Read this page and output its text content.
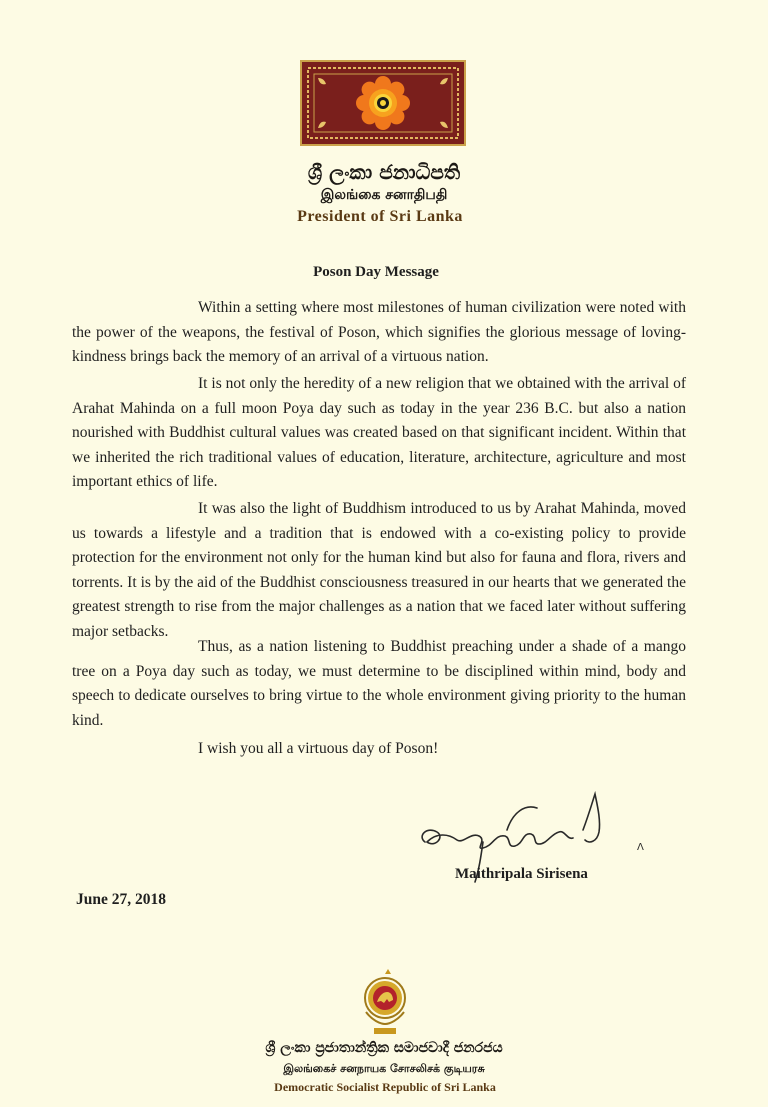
ශ්‍රී ලංකා ජනාධිපති
இலங்கை சனாதிபதி
President of Sri Lanka
Poson Day Message

Within a setting where most milestones of human civilization were noted with the power of the weapons, the festival of Poson, which signifies the glorious message of loving-kindness brings back the memory of an arrival of a virtuous nation.

It is not only the heredity of a new religion that we obtained with the arrival of Arahat Mahinda on a full moon Poya day such as today in the year 236 B.C. but also a nation nourished with Buddhist cultural values was created based on that significant incident. Within that we inherited the rich traditional values of education, literature, architecture, agriculture and most important ethics of life.

It was also the light of Buddhism introduced to us by Arahat Mahinda, moved us towards a lifestyle and a tradition that is endowed with a co-existing policy to provide protection for the environment not only for the human kind but also for fauna and flora, rivers and torrents. It is by the aid of the Buddhist consciousness treasured in our hearts that we generated the greatest strength to rise from the major challenges as a nation that we faced later without suffering major setbacks.

Thus, as a nation listening to Buddhist preaching under a shade of a mango tree on a Poya day such as today, we must determine to be disciplined within mind, body and speech to dedicate ourselves to bring virtue to the whole environment giving priority to the human kind.

I wish you all a virtuous day of Poson!
Λ
Maithripala Sirisena
June 27, 2018
ශ්‍රී ලංකා ප්‍රජාතාන්ත්‍රික සමාජවාදී ජනරජය
இலங்கைச் சனநாயக சோசலிசக் குடியரசு
Democratic Socialist Republic of Sri Lanka
